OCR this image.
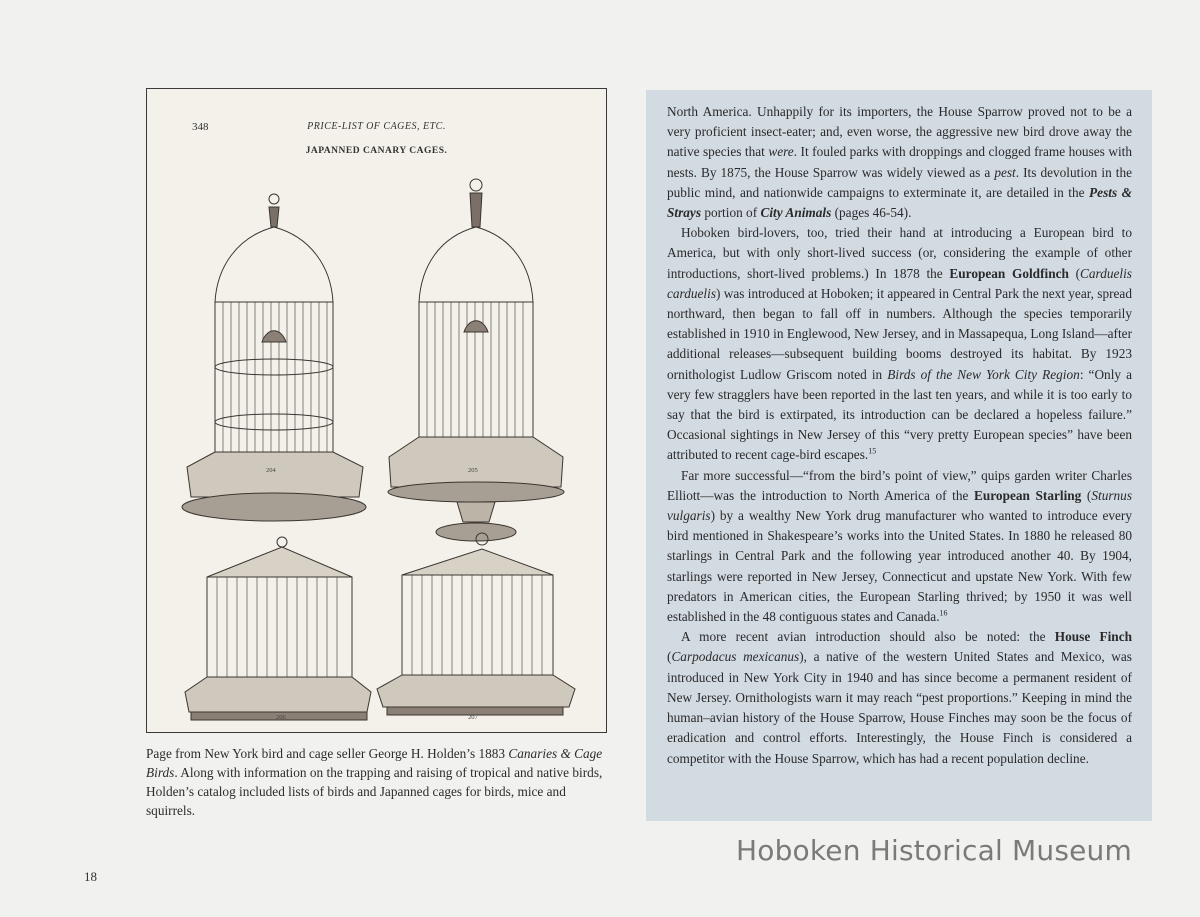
348	PRICE-LIST OF CAGES, ETC.
JAPANNED CANARY CAGES.
204	205
206	207
Page from New York bird and cage seller George H. Holden’s 1883 Canaries & Cage Birds. Along with information on the trapping and raising of tropical and native birds, Holden’s catalog included lists of birds and Japanned cages for birds, mice and squirrels.

North America. Unhappily for its importers, the House Sparrow proved not to be a very proficient insect-eater; and, even worse, the aggressive new bird drove away the native species that were. It fouled parks with droppings and clogged frame houses with nests. By 1875, the House Sparrow was widely viewed as a pest. Its devolution in the public mind, and nationwide campaigns to exterminate it, are detailed in the Pests & Strays portion of City Animals (pages 46-54).

Hoboken bird-lovers, too, tried their hand at introducing a European bird to America, but with only short-lived success (or, considering the example of other introductions, short-lived problems.) In 1878 the European Goldfinch (Carduelis carduelis) was introduced at Hoboken; it appeared in Central Park the next year, spread northward, then began to fall off in numbers. Although the species temporarily established in 1910 in Englewood, New Jersey, and in Massapequa, Long Island—after additional releases—subsequent building booms destroyed its habitat. By 1923 ornithologist Ludlow Griscom noted in Birds of the New York City Region: “Only a very few stragglers have been reported in the last ten years, and while it is too early to say that the bird is extirpated, its introduction can be declared a hopeless failure.” Occasional sightings in New Jersey of this “very pretty European species” have been attributed to recent cage-bird escapes.$^{15}$

Far more successful—“from the bird’s point of view,” quips garden writer Charles Elliott—was the introduction to North America of the European Starling (Sturnus vulgaris) by a wealthy New York drug manufacturer who wanted to introduce every bird mentioned in Shakespeare’s works into the United States. In 1880 he released 80 starlings in Central Park and the following year introduced another 40. By 1904, starlings were reported in New Jersey, Connecticut and upstate New York. With few predators in American cities, the European Starling thrived; by 1950 it was well established in the 48 contiguous states and Canada.$^{16}$

A more recent avian introduction should also be noted: the House Finch (Carpodacus mexicanus), a native of the western United States and Mexico, was introduced in New York City in 1940 and has since become a permanent resident of New Jersey. Ornithologists warn it may reach “pest proportions.” Keeping in mind the human–avian history of the House Sparrow, House Finches may soon be the focus of eradication and control efforts. Interestingly, the House Finch is considered a competitor with the House Sparrow, which has had a recent population decline.

18
Hoboken Historical Museum
